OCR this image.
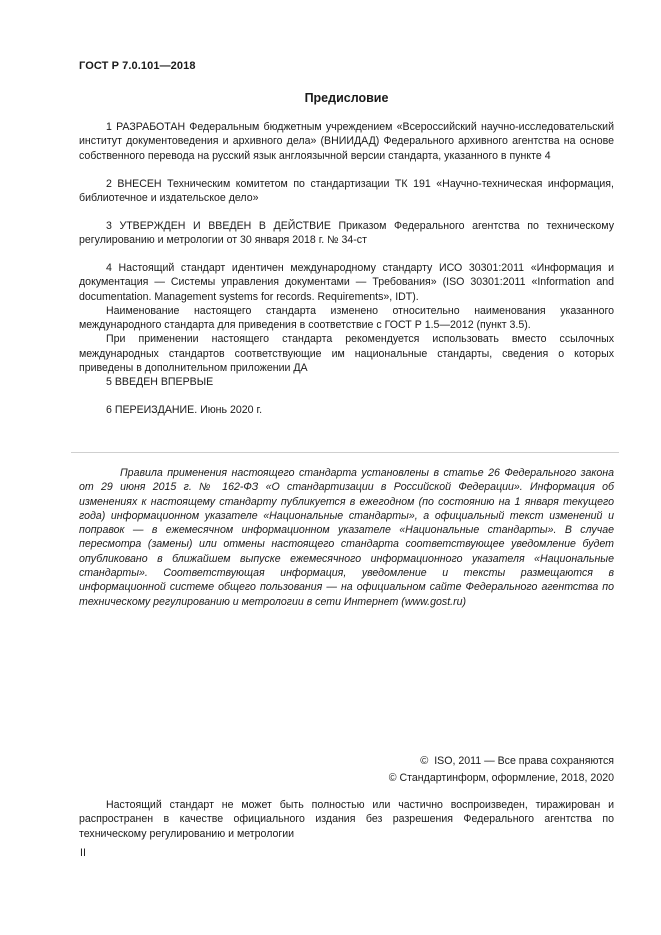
ГОСТ Р 7.0.101—2018
Предисловие

1 РАЗРАБОТАН Федеральным бюджетным учреждением «Всероссийский научно-исследовательский институт документоведения и архивного дела» (ВНИИДАД) Федерального архивного агентства на основе собственного перевода на русский язык англоязычной версии стандарта, указанного в пункте 4

2 ВНЕСЕН Техническим комитетом по стандартизации ТК 191 «Научно-техническая информация, библиотечное и издательское дело»

3 УТВЕРЖДЕН И ВВЕДЕН В ДЕЙСТВИЕ Приказом Федерального агентства по техническому регулированию и метрологии от 30 января 2018 г. № 34-ст

4 Настоящий стандарт идентичен международному стандарту ИСО 30301:2011 «Информация и документация — Системы управления документами — Требования» (ISO 30301:2011 «Information and documentation. Management systems for records. Requirements», IDT).

Наименование настоящего стандарта изменено относительно наименования указанного международного стандарта для приведения в соответствие с ГОСТ Р 1.5—2012 (пункт 3.5).

При применении настоящего стандарта рекомендуется использовать вместо ссылочных международных стандартов соответствующие им национальные стандарты, сведения о которых приведены в дополнительном приложении ДА

5 ВВЕДЕН ВПЕРВЫЕ

6 ПЕРЕИЗДАНИЕ. Июнь 2020 г.

Правила применения настоящего стандарта установлены в статье 26 Федерального закона от 29 июня 2015 г. № 162-ФЗ «О стандартизации в Российской Федерации». Информация об изменениях к настоящему стандарту публикуется в ежегодном (по состоянию на 1 января текущего года) информационном указателе «Национальные стандарты», а официальный текст изменений и поправок — в ежемесячном информационном указателе «Национальные стандарты». В случае пересмотра (замены) или отмены настоящего стандарта соответствующее уведомление будет опубликовано в ближайшем выпуске ежемесячного информационного указателя «Национальные стандарты». Соответствующая информация, уведомление и тексты размещаются в информационной системе общего пользования — на официальном сайте Федерального агентства по техническому регулированию и метрологии в сети Интернет (www.gost.ru)

© ISO, 2011 — Все права сохраняются
© Стандартинформ, оформление, 2018, 2020

Настоящий стандарт не может быть полностью или частично воспроизведен, тиражирован и распространен в качестве официального издания без разрешения Федерального агентства по техническому регулированию и метрологии

II
